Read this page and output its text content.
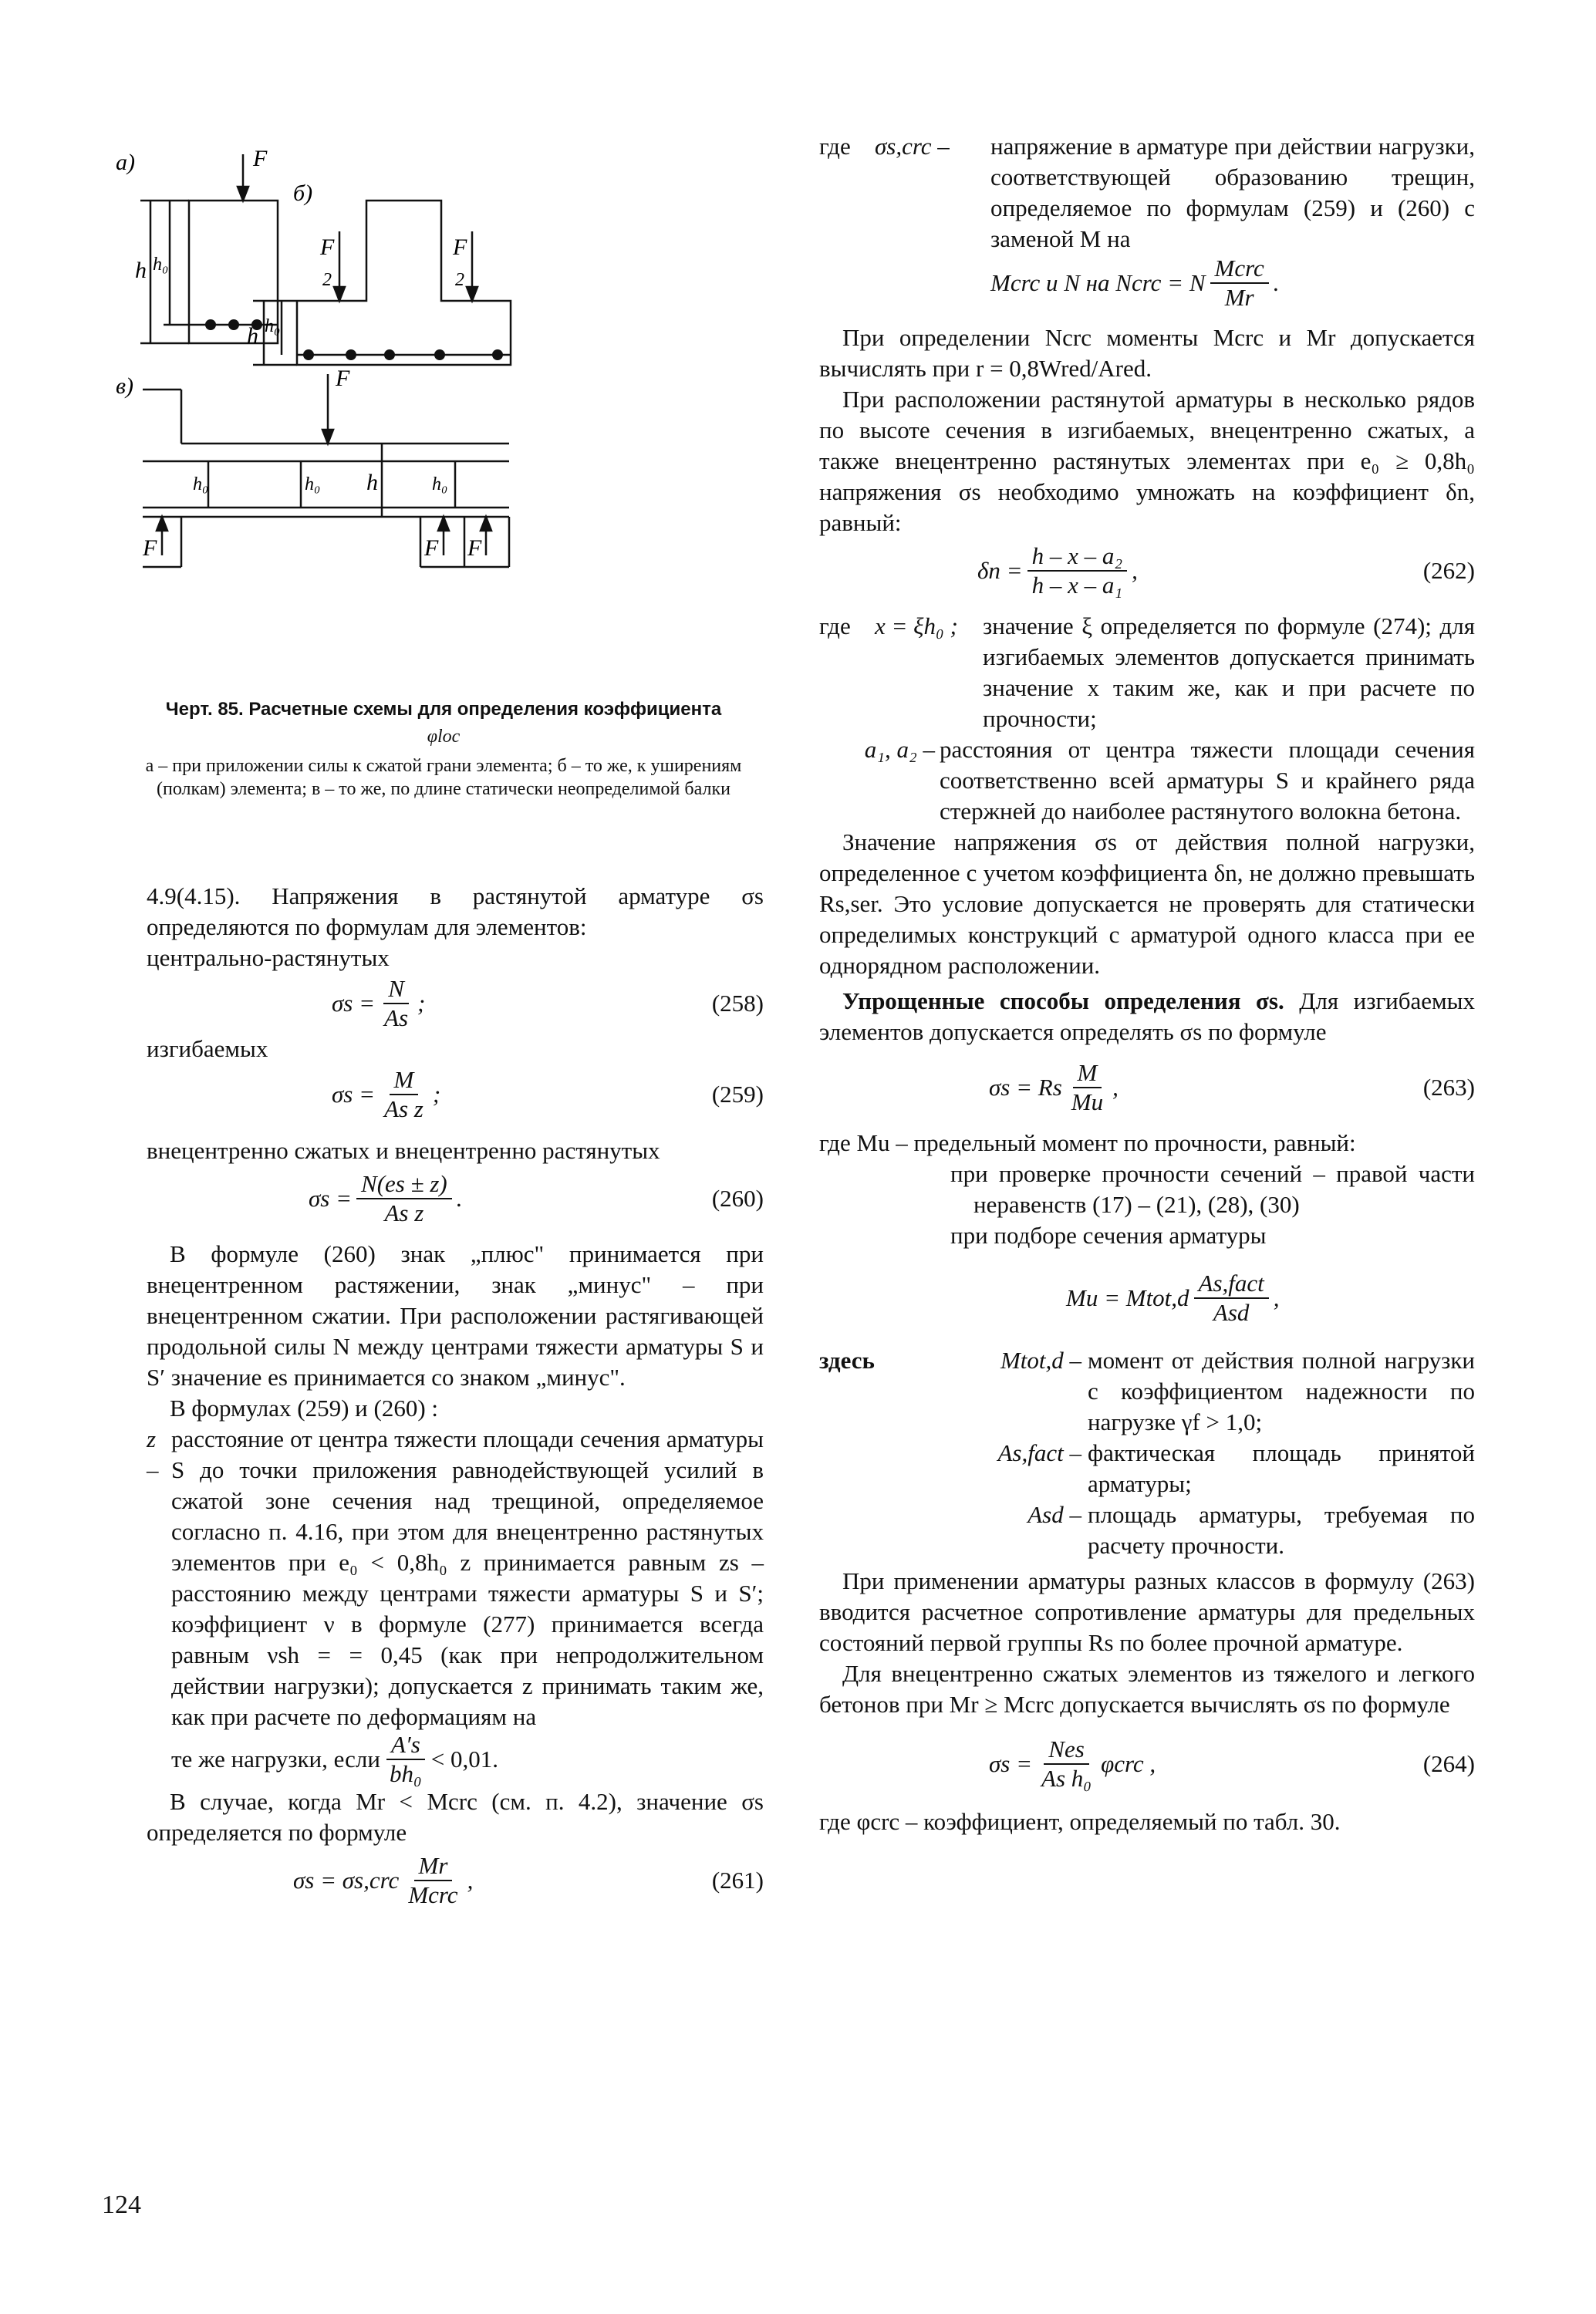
а)	F
б)
F
2
F
2
в)	F
F	F F
h h₀
h h₀
h₀	h₀ h	h₀
Черт. 85. Расчетные схемы для определения коэффициента
φloc
а – при приложении силы к сжатой грани элемента; б – то же, к уширениям (полкам) элемента; в – то же, по длине статически неопределимой балки
4.9(4.15). Напряжения в растянутой арматуре σs определяются по формулам для элементов:
центрально-растянутых
$\sigma s = \frac{N}{As}$ ;	(258)
изгибаемых
$\sigma s = \frac{M}{\text{As z}}$ ;	(259)
внецентренно сжатых и внецентренно растянутых
$\sigma s = \frac{N(es \pm z)}{\text{As z}}$ .	(260)
В формуле (260) знак „плюс" принимается при внецентренном растяжении, знак „минус" – при внецентренном сжатии. При расположении растягивающей продольной силы N между центрами тяжести арматуры S и S′ значение es принимается со знаком „минус".
В формулах (259) и (260) :
z –
расстояние от центра тяжести площади сечения арматуры S до точки приложения равнодействующей усилий в сжатой зоне сечения над трещиной, определяемое согласно п. 4.16, при этом для внецентренно растянутых элементов при e₀ < 0,8h₀ z принимается равным zs – расстоянию между центрами тяжести арматуры S и S′; коэффициент ν в формуле (277) принимается всегда равным νsh = = 0,45 (как при непродолжительном действии нагрузки); допускается z принимать таким же, как при расчете по деформациям на
те же нагрузки, если $\frac{A's}{\text{bh₀}} < 0,01$.
В случае, когда Mr < Mcrc (см. п. 4.2), значение σs определяется по формуле
$\sigma s = \sigma s,crc \frac{Mr}{\text{Mcrc}}$ ,	(261)
124
где	σs,crc –	напряжение в арматуре при действии нагрузки, соответствующей образованию трещин, определяемое по формулам (259) и (260) с заменой M на
Mcrc и N на Ncrc = N $\frac{\text{Mcrc}}{Mr}$ .
При определении Ncrc моменты Mcrc и Mr допускается вычислять при r = 0,8Wred/Ared.
При расположении растянутой арматуры в несколько рядов по высоте сечения в изгибаемых, внецентренно сжатых, а также внецентренно растянутых элементах при e₀ ≥ 0,8h₀ напряжения σs необходимо умножать на коэффициент δn, равный:
$\delta n = \frac{\text{h – x – a₂}}{\text{h – x – a₁}}$ ,	(262)
где	x = ξh₀ ;	значение ξ определяется по формуле (274); для изгибаемых элементов допускается принимать значение x таким же, как и при расчете по прочности;
a₁, a₂ – расстояния от центра тяжести площади сечения соответственно всей арматуры S и крайнего ряда стержней до наиболее растянутого волокна бетона.
Значение напряжения σs от действия полной нагрузки, определенное с учетом коэффициента δn, не должно превышать Rs,ser. Это условие допускается не проверять для статически определимых конструкций с арматурой одного класса при ее однорядном расположении.
Упрощенные способы определения σs. Для изгибаемых элементов допускается определять σs по формуле
σs = Rs $\frac{M}{Mu}$ ,	(263)
где Mu – предельный момент по прочности, равный:
при проверке прочности сечений – правой части неравенств (17) – (21), (28), (30)
при подборе сечения арматуры
Mu = Mtot,d $\frac{\text{As,fact}}{\text{Asd}}$ ,
здесь	Mtot,d – момент от действия полной нагрузки с коэффициентом надежности по нагрузке γf > 1,0;
As,fact – фактическая площадь принятой арматуры;
Asd – площадь арматуры, требуемая по расчету прочности.
При применении арматуры разных классов в формулу (263) вводится расчетное сопротивление арматуры для предельных состояний первой группы Rs по более прочной арматуре.
Для внецентренно сжатых элементов из тяжелого и легкого бетонов при Mr ≥ Mcrc допускается вычислять σs по формуле
$\sigma s = \frac{\text{Nes}}{\text{As h₀}}$ φcrc ,	(264)
где φcrc – коэффициент, определяемый по табл. 30.
